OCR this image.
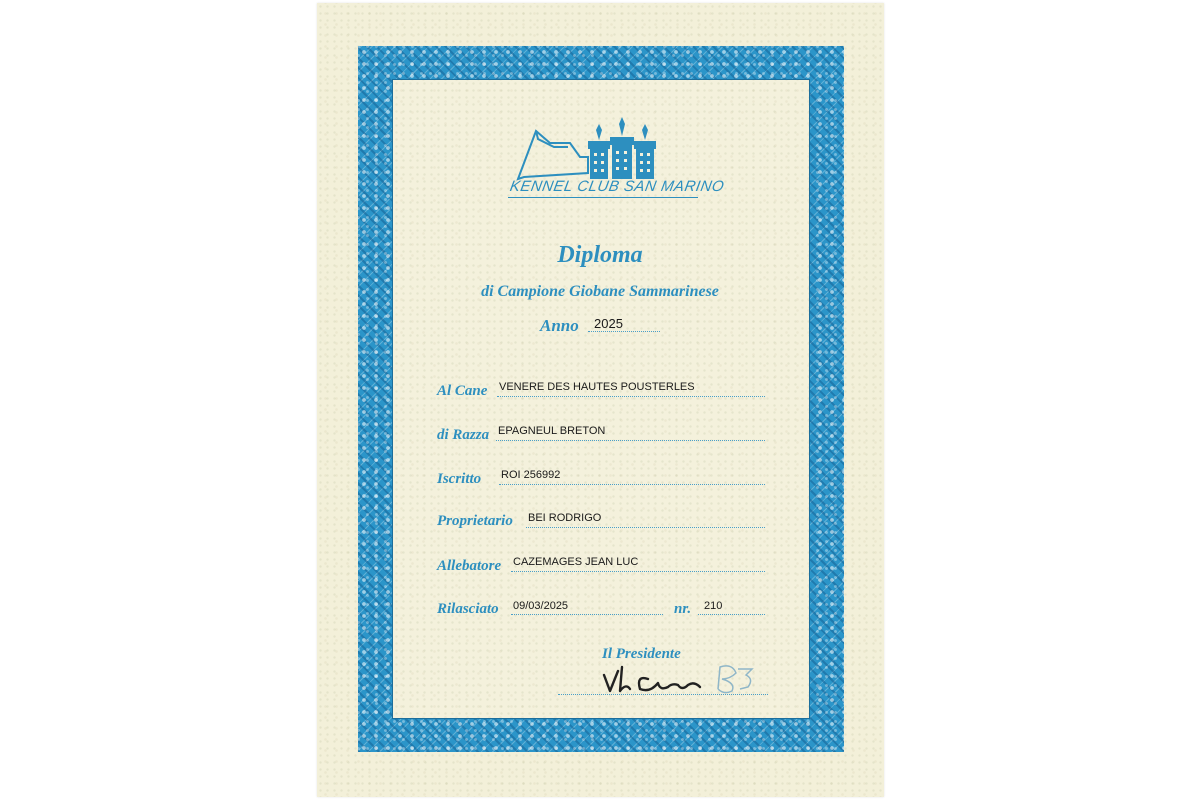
KENNEL CLUB SAN MARINO
Diploma
di Campione Giobane Sammarinese
Anno 2025
Al Cane VENERE DES HAUTES POUSTERLES
di Razza EPAGNEUL BRETON
Iscritto ROI 256992
Proprietario BEI RODRIGO
Allebatore CAZEMAGES JEAN LUC
Rilasciato 09/03/2025	nr. 210
Il Presidente
